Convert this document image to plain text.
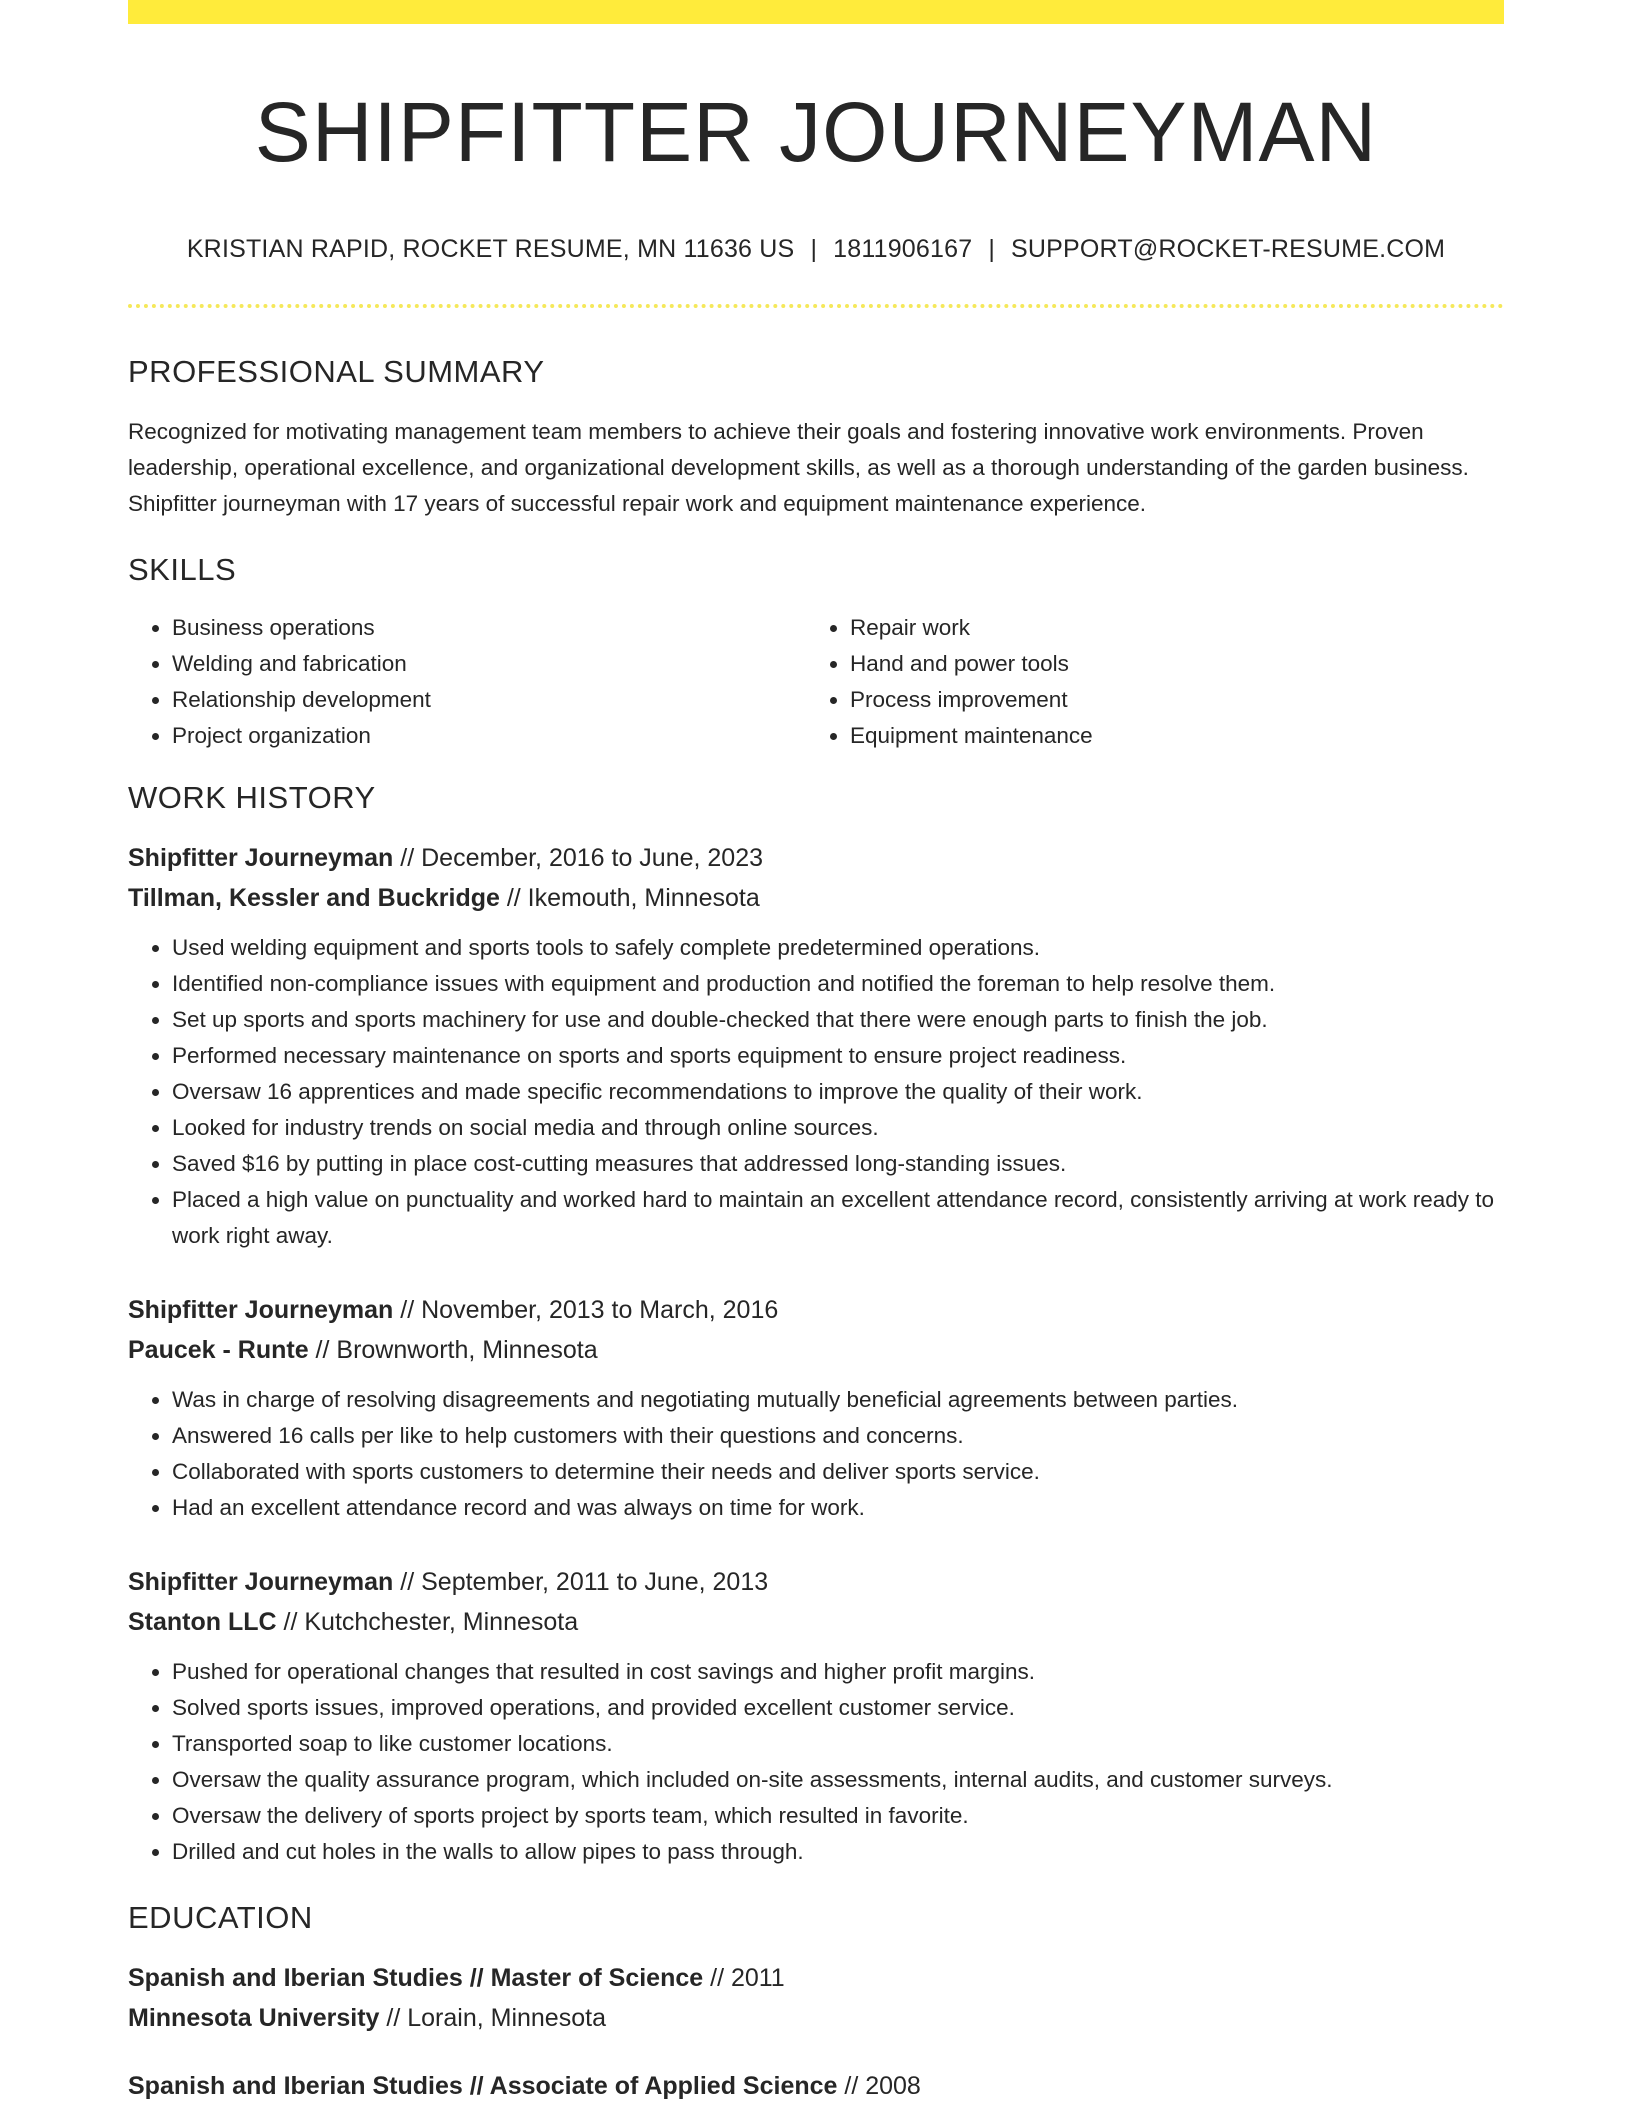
SHIPFITTER JOURNEYMAN
KRISTIAN RAPID, ROCKET RESUME, MN 11636 US | 1811906167 | SUPPORT@ROCKET-RESUME.COM
PROFESSIONAL SUMMARY
Recognized for motivating management team members to achieve their goals and fostering innovative work environments. Proven leadership, operational excellence, and organizational development skills, as well as a thorough understanding of the garden business. Shipfitter journeyman with 17 years of successful repair work and equipment maintenance experience.
SKILLS
• Business operations
• Welding and fabrication
• Relationship development
• Project organization
• Repair work
• Hand and power tools
• Process improvement
• Equipment maintenance
WORK HISTORY
Shipfitter Journeyman // December, 2016 to June, 2023
Tillman, Kessler and Buckridge // Ikemouth, Minnesota
• Used welding equipment and sports tools to safely complete predetermined operations.
• Identified non-compliance issues with equipment and production and notified the foreman to help resolve them.
• Set up sports and sports machinery for use and double-checked that there were enough parts to finish the job.
• Performed necessary maintenance on sports and sports equipment to ensure project readiness.
• Oversaw 16 apprentices and made specific recommendations to improve the quality of their work.
• Looked for industry trends on social media and through online sources.
• Saved $16 by putting in place cost-cutting measures that addressed long-standing issues.
• Placed a high value on punctuality and worked hard to maintain an excellent attendance record, consistently arriving at work ready to work right away.
Shipfitter Journeyman // November, 2013 to March, 2016
Paucek - Runte // Brownworth, Minnesota
• Was in charge of resolving disagreements and negotiating mutually beneficial agreements between parties.
• Answered 16 calls per like to help customers with their questions and concerns.
• Collaborated with sports customers to determine their needs and deliver sports service.
• Had an excellent attendance record and was always on time for work.
Shipfitter Journeyman // September, 2011 to June, 2013
Stanton LLC // Kutchchester, Minnesota
• Pushed for operational changes that resulted in cost savings and higher profit margins.
• Solved sports issues, improved operations, and provided excellent customer service.
• Transported soap to like customer locations.
• Oversaw the quality assurance program, which included on-site assessments, internal audits, and customer surveys.
• Oversaw the delivery of sports project by sports team, which resulted in favorite.
• Drilled and cut holes in the walls to allow pipes to pass through.
EDUCATION
Spanish and Iberian Studies // Master of Science // 2011
Minnesota University // Lorain, Minnesota
Spanish and Iberian Studies // Associate of Applied Science // 2008
